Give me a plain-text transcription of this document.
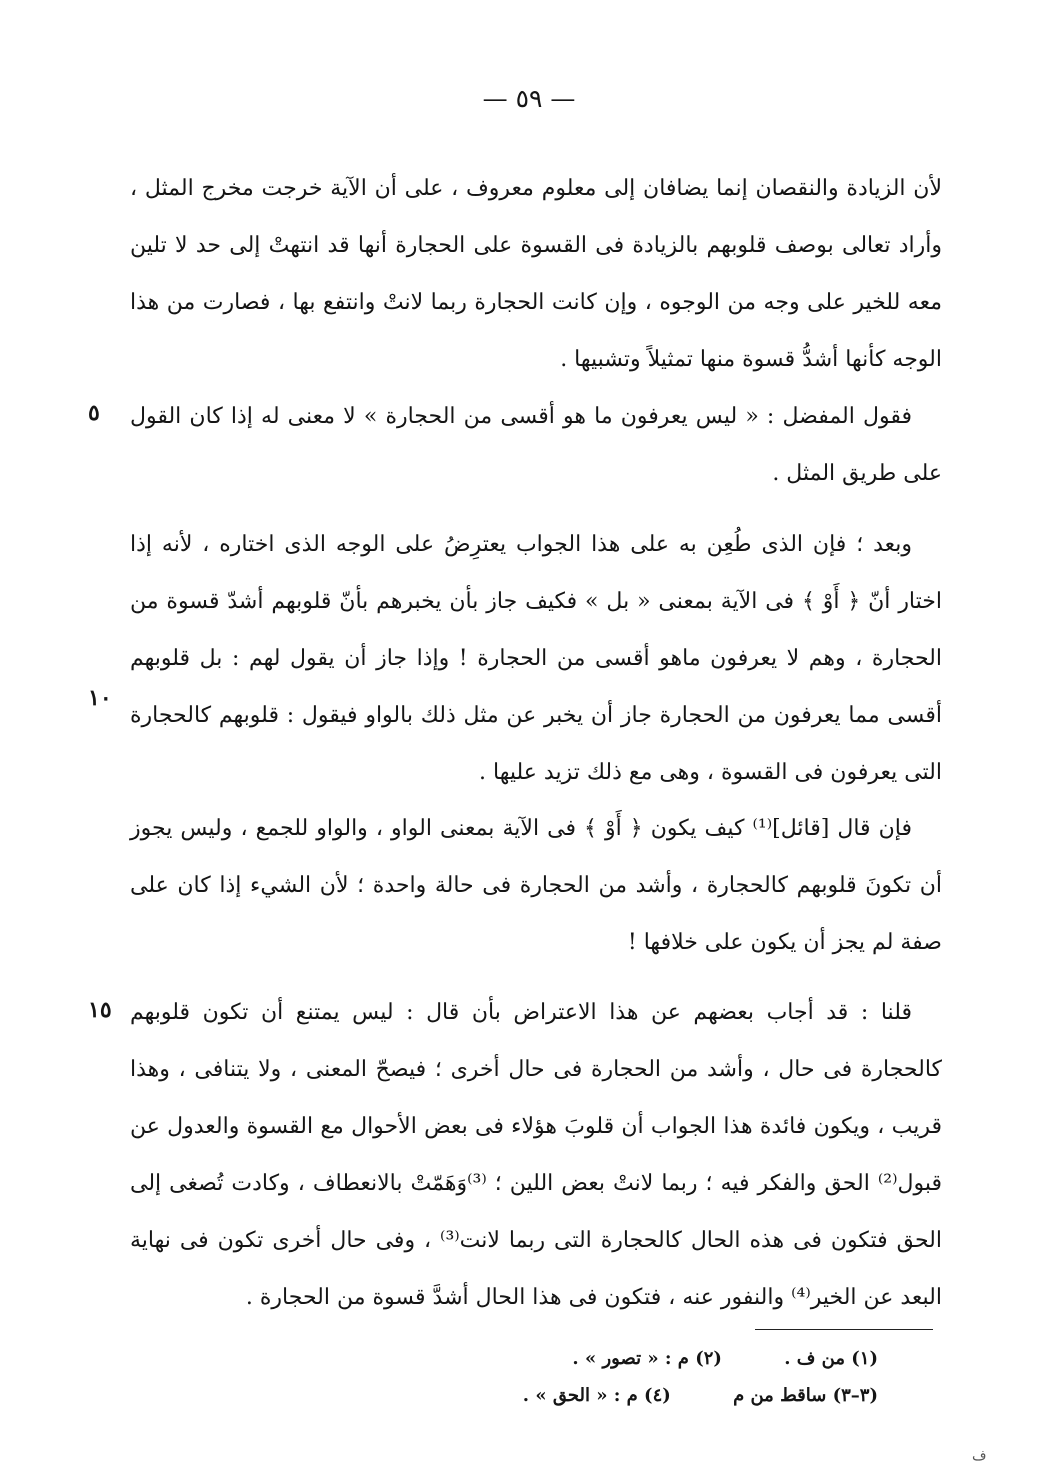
— ٥٩ —

لأن الزيادة والنقصان إنما يضافان إلى معلوم معروف ، على أن الآية خرجت مخرج المثل ، وأراد تعالى بوصف قلوبهم بالزيادة فى القسوة على الحجارة أنها قد انتهتْ إلى حد لا تلين معه للخير على وجه من الوجوه ، وإن كانت الحجارة ربما لانتْ وانتفع بها ، فصارت من هذا الوجه كأنها أشدُّ قسوة منها تمثيلاً وتشبيها .

فقول المفضل : « ليس يعرفون ما هو أقسى من الحجارة » لا معنى له إذا كان القول على طريق المثل .

وبعد ؛ فإن الذى طُعِن به على هذا الجواب يعترِضُ على الوجه الذى اختاره ، لأنه إذا اختار أنّ ﴿ أَوْ ﴾ فى الآية بمعنى « بل » فكيف جاز بأن يخبرهم بأنّ قلوبهم أشدّ قسوة من الحجارة ، وهم لا يعرفون ماهو أقسى من الحجارة ! وإذا جاز أن يقول لهم : بل قلوبهم أقسى مما يعرفون من الحجارة جاز أن يخبر عن مثل ذلك بالواو فيقول : قلوبهم كالحجارة التى يعرفون فى القسوة ، وهى مع ذلك تزيد عليها .

فإن قال [قائل]⁽¹⁾ كيف يكون ﴿ أَوْ ﴾ فى الآية بمعنى الواو ، والواو للجمع ، وليس يجوز أن تكونَ قلوبهم كالحجارة ، وأشد من الحجارة فى حالة واحدة ؛ لأن الشيء إذا كان على صفة لم يجز أن يكون على خلافها !

قلنا : قد أجاب بعضهم عن هذا الاعتراض بأن قال : ليس يمتنع أن تكون قلوبهم كالحجارة فى حال ، وأشد من الحجارة فى حال أخرى ؛ فيصحّ المعنى ، ولا يتنافى ، وهذا قريب ، ويكون فائدة هذا الجواب أن قلوبَ هؤلاء فى بعض الأحوال مع القسوة والعدول عن قبول⁽²⁾ الحق والفكر فيه ؛ ربما لانتْ بعض اللين ؛ ⁽³⁾وَهَمّتْ بالانعطاف ، وكادت تُصغى إلى الحق فتكون فى هذه الحال كالحجارة التى ربما لانت⁽³⁾ ، وفى حال أخرى تكون فى نهاية البعد عن الخير⁽⁴⁾ والنفور عنه ، فتكون فى هذا الحال أشدَّ قسوة من الحجارة .

٥
١٠
١٥
(١) من ف . (٢) م : « تصور » .
(٣–٣) ساقط من م (٤) م : « الحق » .
ف
